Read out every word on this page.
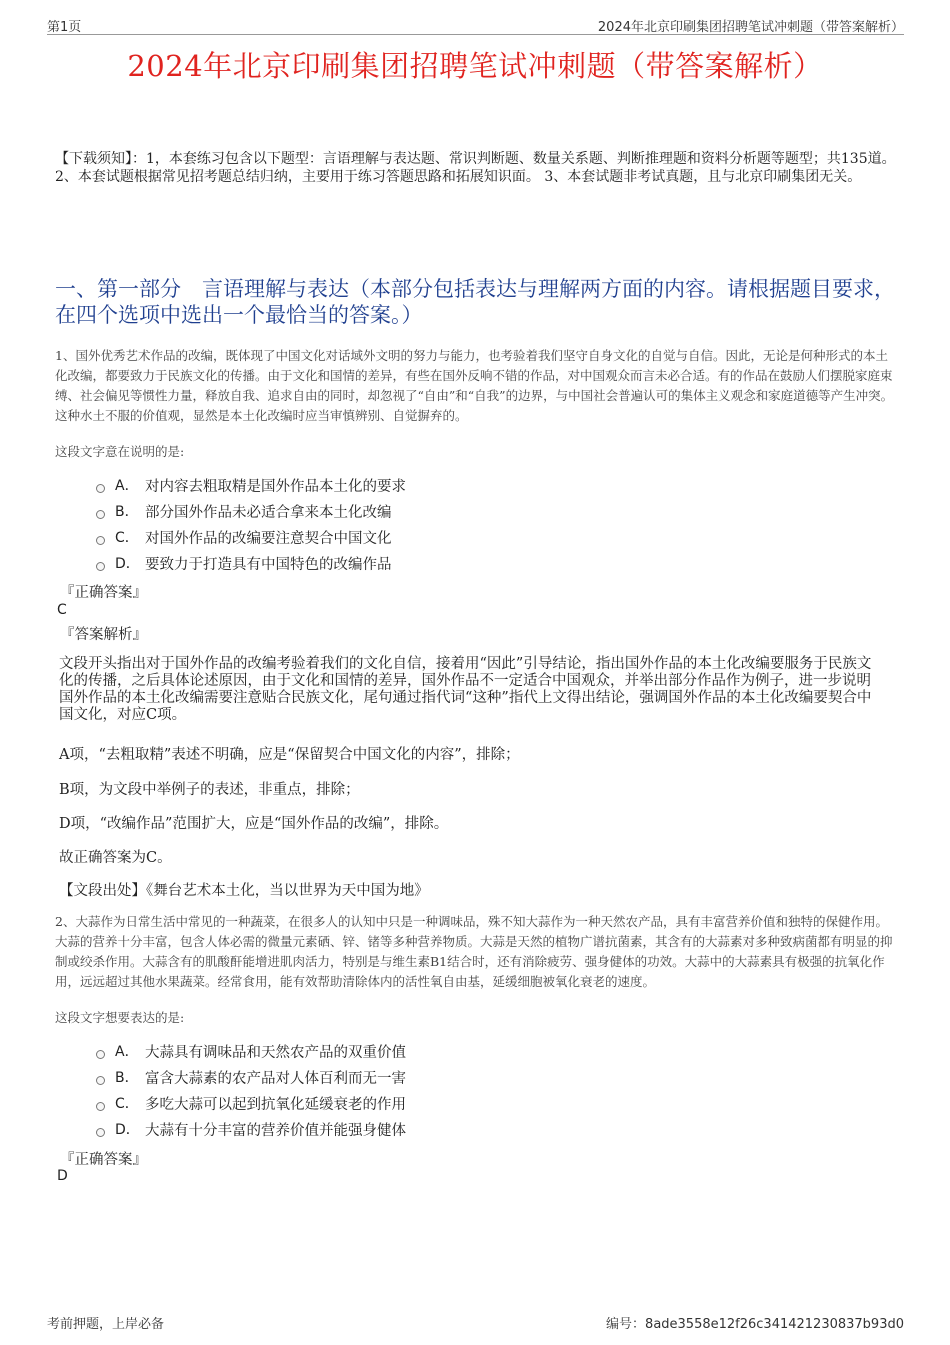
第1页	2024年北京印刷集团招聘笔试冲刺题（带答案解析）
2024年北京印刷集团招聘笔试冲刺题（带答案解析）
【下载须知】：1，本套练习包含以下题型：言语理解与表达题、常识判断题、数量关系题、判断推理题和资料分析题等题型；共135道。 2、本套试题根据常见招考题总结归纳，主要用于练习答题思路和拓展知识面。 3、本套试题非考试真题，且与北京印刷集团无关。
一、第一部分　言语理解与表达（本部分包括表达与理解两方面的内容。请根据题目要求，在四个选项中选出一个最恰当的答案。）
1、国外优秀艺术作品的改编，既体现了中国文化对话域外文明的努力与能力，也考验着我们坚守自身文化的自觉与自信。因此，无论是何种形式的本土化改编，都要致力于民族文化的传播。由于文化和国情的差异，有些在国外反响不错的作品，对中国观众而言未必合适。有的作品在鼓励人们摆脱家庭束缚、社会偏见等惯性力量，释放自我、追求自由的同时，却忽视了“自由”和“自我”的边界，与中国社会普遍认可的集体主义观念和家庭道德等产生冲突。这种水土不服的价值观，显然是本土化改编时应当审慎辨别、自觉摒弃的。
这段文字意在说明的是:
A． 对内容去粗取精是国外作品本土化的要求
B． 部分国外作品未必适合拿来本土化改编
C． 对国外作品的改编要注意契合中国文化
D． 要致力于打造具有中国特色的改编作品
『正确答案』
C
『答案解析』
文段开头指出对于国外作品的改编考验着我们的文化自信，接着用“因此”引导结论，指出国外作品的本土化改编要服务于民族文化的传播，之后具体论述原因，由于文化和国情的差异，国外作品不一定适合中国观众，并举出部分作品作为例子，进一步说明国外作品的本土化改编需要注意贴合民族文化，尾句通过指代词“这种”指代上文得出结论，强调国外作品的本土化改编要契合中国文化，对应C项。
A项，“去粗取精”表述不明确，应是“保留契合中国文化的内容”，排除；
B项，为文段中举例子的表述，非重点，排除；
D项，“改编作品”范围扩大，应是“国外作品的改编”，排除。
故正确答案为C。
【文段出处】《舞台艺术本土化，当以世界为天中国为地》
2、大蒜作为日常生活中常见的一种蔬菜，在很多人的认知中只是一种调味品，殊不知大蒜作为一种天然农产品，具有丰富营养价值和独特的保健作用。大蒜的营养十分丰富，包含人体必需的微量元素硒、锌、锗等多种营养物质。大蒜是天然的植物广谱抗菌素，其含有的大蒜素对多种致病菌都有明显的抑制或绞杀作用。大蒜含有的肌酸酐能增进肌肉活力，特别是与维生素B1结合时，还有消除疲劳、强身健体的功效。大蒜中的大蒜素具有极强的抗氧化作用，远远超过其他水果蔬菜。经常食用，能有效帮助清除体内的活性氧自由基，延缓细胞被氧化衰老的速度。
这段文字想要表达的是:
A． 大蒜具有调味品和天然农产品的双重价值
B． 富含大蒜素的农产品对人体百利而无一害
C． 多吃大蒜可以起到抗氧化延缓衰老的作用
D． 大蒜有十分丰富的营养价值并能强身健体
『正确答案』
D
考前押题，上岸必备	编号：8ade3558e12f26c341421230837b93d0
